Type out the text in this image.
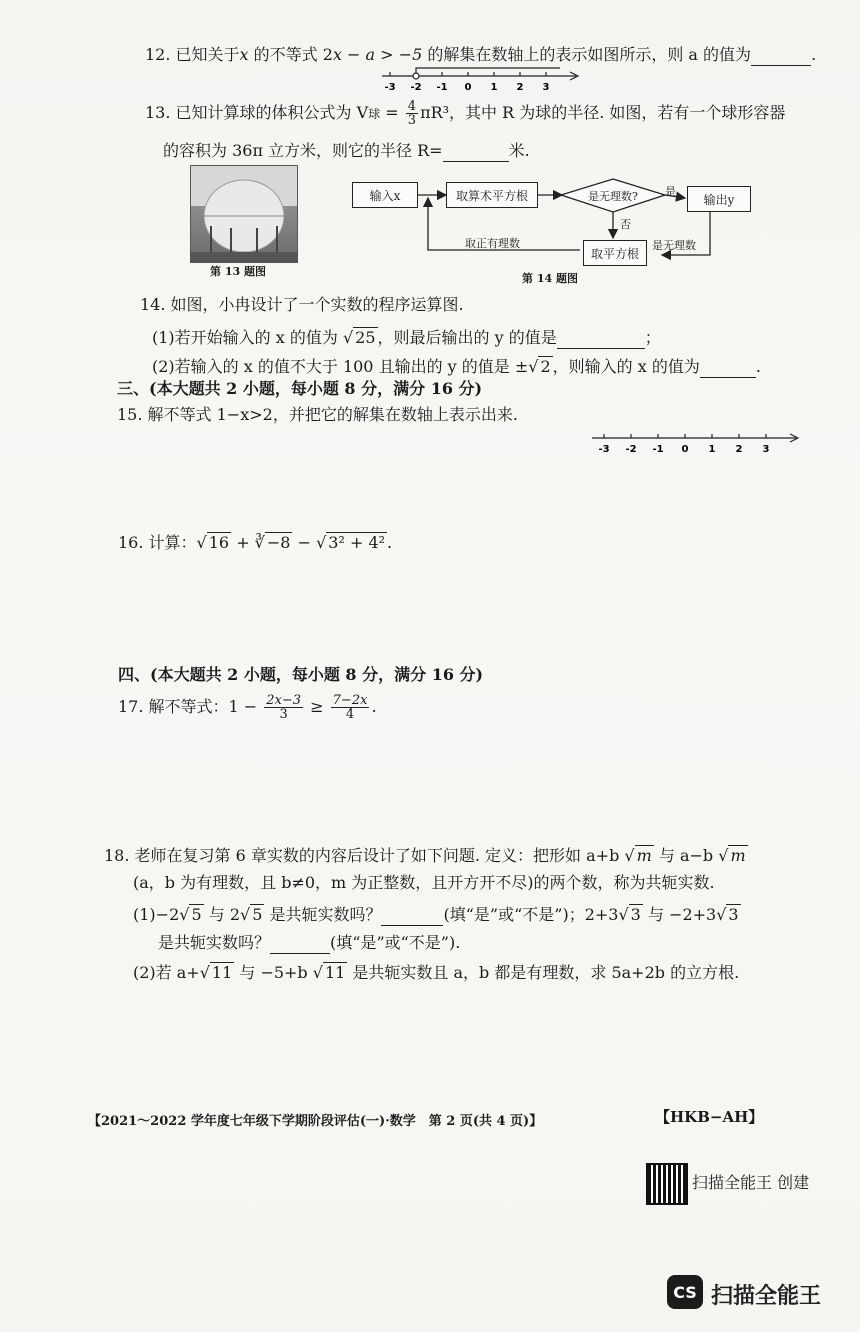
12. 已知关于x 的不等式 2x − a > −5 的解集在数轴上的表示如图所示，则 a 的值为	.
-3 -2 -1 0 1 2 3
13. 已知计算球的体积公式为 V球 = $\frac{4}{3} \pi R^3$，其中 R 为球的半径. 如图，若有一个球形容器
的容积为 36π 立方米，则它的半径 R=	米.
第 13 题图
输入x	取算术平方根	是无理数?	输出y
是
否
取平方根
是无理数
取正有理数
第 14 题图
14. 如图，小冉设计了一个实数的程序运算图.
(1)若开始输入的 x 的值为 √ 25 ，则最后输出的 y 的值是	；
(2)若输入的 x 的值不大于 100 且输出的 y 的值是 ±√ 2 ，则输入的 x 的值为	.
三、(本大题共 2 小题，每小题 8 分，满分 16 分)
15. 解不等式 1−x>2，并把它的解集在数轴上表示出来.
-3 -2 -1 0 1 2 3
16. 计算：√ 16 + ∛ −8 − √ 3² + 4² .
四、(本大题共 2 小题，每小题 8 分，满分 16 分)
17. 解不等式：$1 - \frac{2x-3}{3} \ge \frac{7-2x}{4}$ .
18. 老师在复习第 6 章实数的内容后设计了如下问题. 定义：把形如 a+b √ m 与 a−b √ m
(a，b 为有理数，且 b≠0，m 为正整数，且开方开不尽)的两个数，称为共轭实数.
(1)−2√ 5 与 2√ 5 是共轭实数吗？	(填“是”或“不是”)；2+3√ 3 与 −2+3√ 3
是共轭实数吗？	(填“是”或“不是”).
(2)若 a+√ 11 与 −5+b √ 11 是共轭实数且 a，b 都是有理数，求 5a+2b 的立方根.
【2021～2022 学年度七年级下学期阶段评估(一)·数学　第 2 页(共 4 页)】	【HKB−AH】
扫描全能王 创建
CS 扫描全能王
